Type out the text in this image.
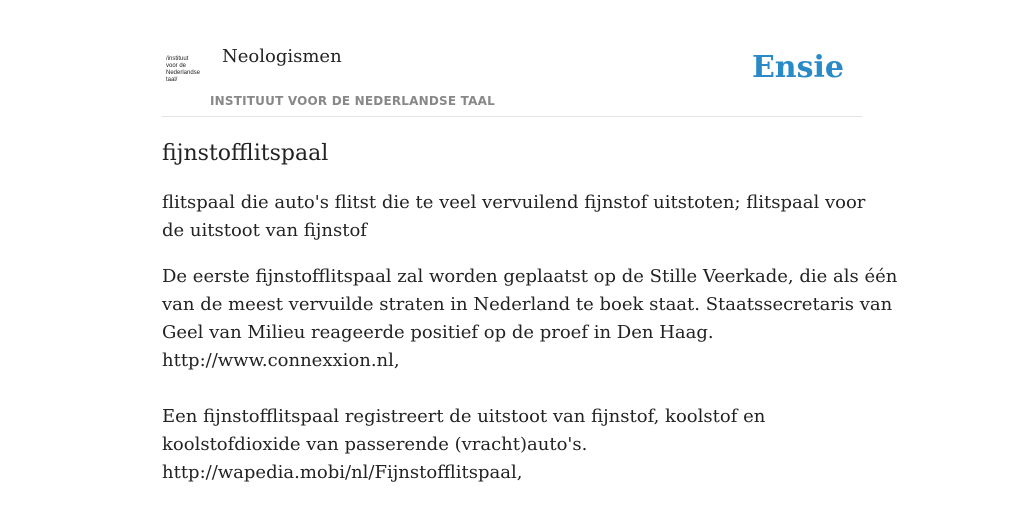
/instituut
voor de
Nederlandse
taal/
Neologismen
INSTITUUT VOOR DE NEDERLANDSE TAAL
Ensie
fijnstofflitspaal

flitspaal die auto's flitst die te veel vervuilend fijnstof uitstoten; flitspaal voor de uitstoot van fijnstof

De eerste fijnstofflitspaal zal worden geplaatst op de Stille Veerkade, die als één
van de meest vervuilde straten in Nederland te boek staat. Staatssecretaris van
Geel van Milieu reageerde positief op de proef in Den Haag.
http://www.connexxion.nl,
Een fijnstofflitspaal registreert de uitstoot van fijnstof, koolstof en
koolstofdioxide van passerende (vracht)auto's.
http://wapedia.mobi/nl/Fijnstofflitspaal,
